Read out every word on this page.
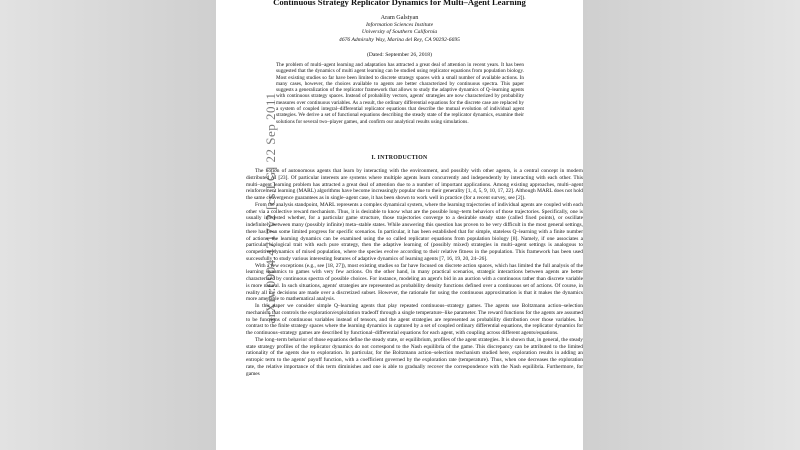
arXiv:0904.4717v2 [cs.LG] 22 Sep 2011
Continuous Strategy Replicator Dynamics for Multi–Agent Learning
Aram Galstyan
Information Sciences Institute
University of Southern California
4676 Admiralty Way, Marina del Rey, CA 90292-6695
(Dated: September 26, 2018)
The problem of multi–agent learning and adaptation has attracted a great deal of attention in recent years. It has been suggested that the dynamics of multi agent learning can be studied using replicator equations from population biology. Most existing studies so far have been limited to discrete strategy spaces with a small number of available actions. In many cases, however, the choices available to agents are better characterized by continuous spectra. This paper suggests a generalization of the replicator framework that allows to study the adaptive dynamics of Q–learning agents with continuous strategy spaces. Instead of probability vectors, agents' strategies are now characterized by probability measures over continuous variables. As a result, the ordinary differential equations for the discrete case are replaced by a system of coupled integral–differential replicator equations that describe the mutual evolution of individual agent strategies. We derive a set of functional equations describing the steady state of the replicator dynamics, examine their solutions for several two–player games, and confirm our analytical results using simulations.
I. INTRODUCTION

The notion of autonomous agents that learn by interacting with the environment, and possibly with other agents, is a central concept in modern distributed AI [23]. Of particular interests are systems where multiple agents learn concurrently and independently by interacting with each other. This multi–agent learning problem has attracted a great deal of attention due to a number of important applications. Among existing approaches, multi–agent reinforcement learning (MARL) algorithms have become increasingly popular due to their generality [1, 4, 5, 9, 10, 17, 22]. Although MARL does not hold the same convergence guarantees as in single–agent case, it has been shown to work well in practice (for a recent survey, see [2]).

From the analysis standpoint, MARL represents a complex dynamical system, where the learning trajectories of individual agents are coupled with each other via a collective reward mechanism. Thus, it is desirable to know what are the possible long–term behaviors of those trajectories. Specifically, one is usually interested whether, for a particular game structure, those trajectories converge to a desirable steady state (called fixed points), or oscillate indefinitely between many (possibly infinite) meta–stable states. While answering this question has proven to be very difficult in the most general settings, there has been some limited progress for specific scenarios. In particular, it has been established that for simple, stateless Q–learning with a finite number of actions, the learning dynamics can be examined using the so called replicator equations from population biology [8]. Namely, if one associates a particular biological trait with each pure strategy, then the adaptive learning of (possibly mixed) strategies in multi–agent settings is analogous to competitive dynamics of mixed population, where the species evolve according to their relative fitness in the population. This framework has been used successfully to study various interesting features of adaptive dynamics of learning agents [7, 16, 19, 20, 24–26].

With a few exceptions (e.g., see [18, 27]), most existing studies so far have focused on discrete action spaces, which has limited the full analysis of the learning dynamics to games with very few actions. On the other hand, in many practical scenarios, strategic interactions between agents are better characterized by continuous spectra of possible choices. For instance, modeling an agent's bid in an auction with a continuous rather than discrete variable is more natural. In such situations, agents' strategies are represented as probability density functions defined over a continuous set of actions. Of course, in reality all the decisions are made over a discretized subset. However, the rationale for using the continuous approximation is that it makes the dynamics more amenable to mathematical analysis.

In this paper we consider simple Q–learning agents that play repeated continuous–strategy games. The agents use Boltzmann action–selection mechanism that controls the exploration/exploitation tradeoff through a single temperature–like parameter. The reward functions for the agents are assumed to be functions of continuous variables instead of tensors, and the agent strategies are represented as probability distribution over those variables. In contrast to the finite strategy spaces where the learning dynamics is captured by a set of coupled ordinary differential equations, the replicator dynamics for the continuous–strategy games are described by functional–differential equations for each agent, with coupling across different agents/equations.

The long–term behavior of those equations define the steady state, or equilibrium, profiles of the agent strategies. It is shown that, in general, the steady state strategy profiles of the replicator dynamics do not correspond to the Nash equilibria of the game. This discrepancy can be attributed to the limited rationality of the agents due to exploration. In particular, for the Boltzmann action–selection mechanism studied here, exploration results in adding an entropic term to the agents' payoff function, with a coefficient governed by the exploration rate (temperature). Thus, when one decreases the exploration rate, the relative importance of this term diminishes and one is able to gradually recover the correspondence with the Nash equilibria. Furthermore, for games
